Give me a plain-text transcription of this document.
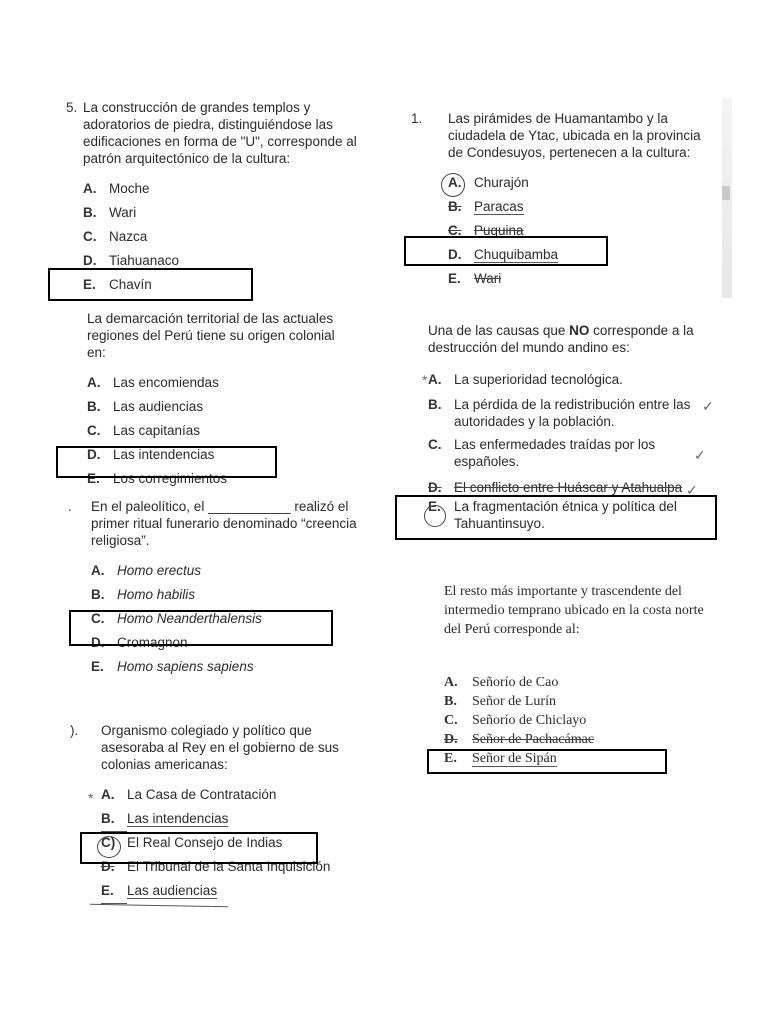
5. La construcción de grandes templos y adoratorios de piedra, distinguiéndose las edificaciones en forma de "U", corresponde al patrón arquitectónico de la cultura:

A. Moche
B. Wari
C. Nazca
D. Tiahuanaco
E. Chavín

La demarcación territorial de las actuales regiones del Perú tiene su origen colonial en:

A. Las encomiendas
B. Las audiencias
C. Las capitanías
D. Las intendencias
E. Los corregimientos
. En el paleolítico, el ___________ realizó el primer ritual funerario denominado “creencia religiosa”.

A. Homo erectus
B. Homo habilis
C. Homo Neanderthalensis
D. Cromagnon
E. Homo sapiens sapiens
). Organismo colegiado y político que asesoraba al Rey en el gobierno de sus colonias americanas:

A. La Casa de Contratación
B. Las intendencias
C) El Real Consejo de Indias
D. El Tribunal de la Santa Inquisición
E. Las audiencias
*
1. Las pirámides de Huamantambo y la ciudadela de Ytac, ubicada en la provincia de Condesuyos, pertenecen a la cultura:

A. Churajón
B. Paracas
C. Puquina
D. Chuquibamba
E. Wari

Una de las causas que NO corresponde a la destrucción del mundo andino es:

A. La superioridad tecnológica.
B. La pérdida de la redistribución entre las autoridades y la población.
C. Las enfermedades traídas por los españoles.
D. El conflicto entre Huáscar y Atahualpa
E. La fragmentación étnica y política del Tahuantinsuyo.
*
✓
✓
✓

El resto más importante y trascendente del intermedio temprano ubicado en la costa norte del Perú corresponde al:

A. Señorío de Cao
B. Señor de Lurín
C. Señorío de Chiclayo
D. Señor de Pachacámac
E. Señor de Sipán
